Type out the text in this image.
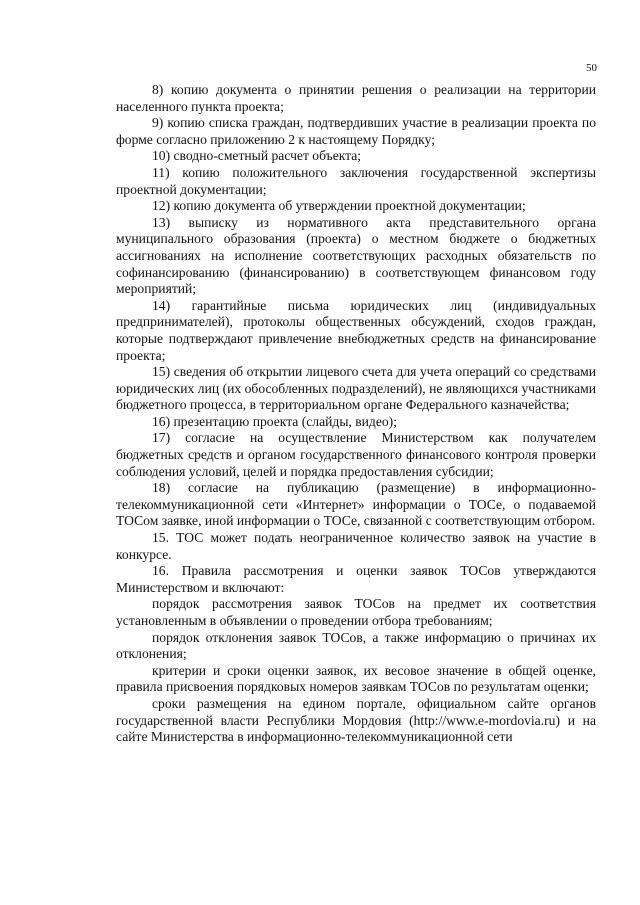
50

8) копию документа о принятии решения о реализации на территории населенного пункта проекта;

9) копию списка граждан, подтвердивших участие в реализации проекта по форме согласно приложению 2 к настоящему Порядку;

10) сводно-сметный расчет объекта;

11) копию положительного заключения государственной экспертизы проектной документации;

12) копию документа об утверждении проектной документации;

13) выписку из нормативного акта представительного органа муниципального образования (проекта) о местном бюджете о бюджетных ассигнованиях на исполнение соответствующих расходных обязательств по софинансированию (финансированию) в соответствующем финансовом году мероприятий;

14) гарантийные письма юридических лиц (индивидуальных предпринимателей), протоколы общественных обсуждений, сходов граждан, которые подтверждают привлечение внебюджетных средств на финансирование проекта;

15) сведения об открытии лицевого счета для учета операций со средствами юридических лиц (их обособленных подразделений), не являющихся участниками бюджетного процесса, в территориальном органе Федерального казначейства;

16) презентацию проекта (слайды, видео);

17) согласие на осуществление Министерством как получателем бюджетных средств и органом государственного финансового контроля проверки соблюдения условий, целей и порядка предоставления субсидии;

18) согласие на публикацию (размещение) в информационно-телекоммуникационной сети «Интернет» информации о ТОСе, о подаваемой ТОСом заявке, иной информации о ТОСе, связанной с соответствующим отбором.

15. ТОС может подать неограниченное количество заявок на участие в конкурсе.

16. Правила рассмотрения и оценки заявок ТОСов утверждаются Министерством и включают:

порядок рассмотрения заявок ТОСов на предмет их соответствия установленным в объявлении о проведении отбора требованиям;

порядок отклонения заявок ТОСов, а также информацию о причинах их отклонения;

критерии и сроки оценки заявок, их весовое значение в общей оценке, правила присвоения порядковых номеров заявкам ТОСов по результатам оценки;

сроки размещения на едином портале, официальном сайте органов государственной власти Республики Мордовия (http://www.e-mordovia.ru) и на сайте Министерства в информационно-телекоммуникационной сети
